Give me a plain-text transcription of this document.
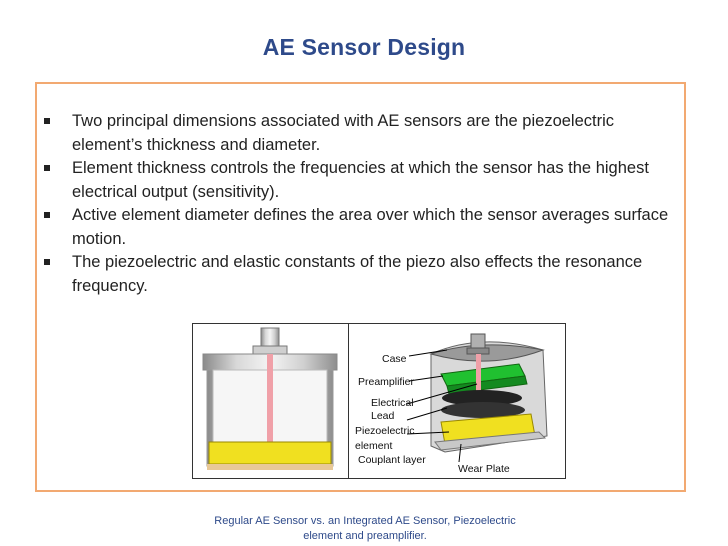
AE Sensor Design
Two principal dimensions associated with AE sensors are the piezoelectric element’s thickness and diameter.
Element thickness controls the frequencies at which the sensor has the highest electrical output (sensitivity).
Active element diameter defines the area over which the sensor averages surface motion.
The piezoelectric and elastic constants of the piezo also effects the resonance frequency.
Case
Preamplifier
Electrical
Lead
Piezoelectric
element
Couplant layer
Wear Plate
Regular AE Sensor vs. an Integrated AE Sensor, Piezoelectric
element and preamplifier.
